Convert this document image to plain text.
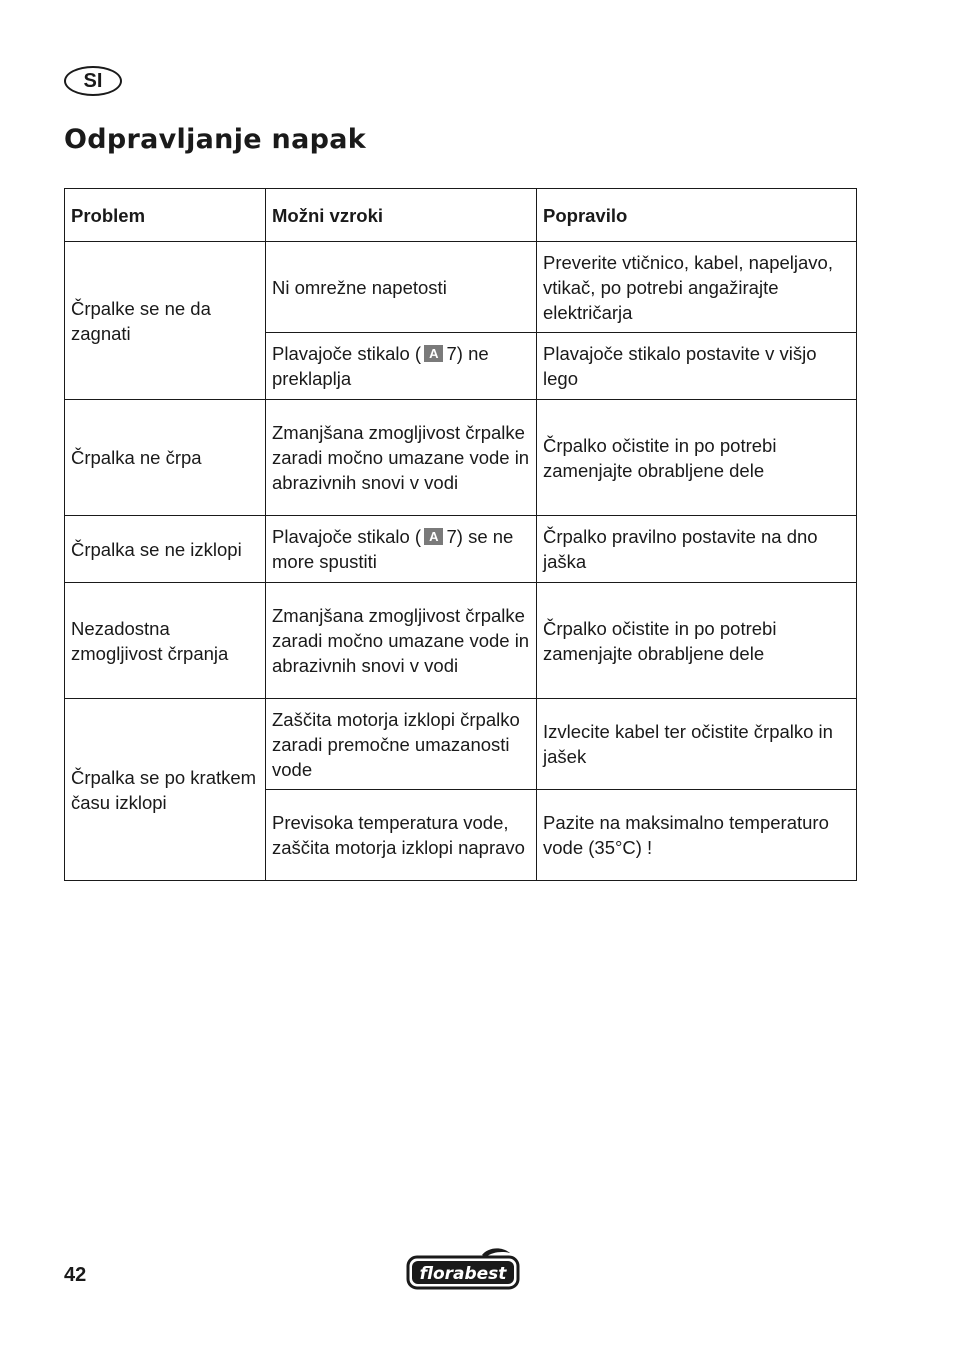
SI
Odpravljanje napak
Problem	Možni vzroki	Popravilo
Črpalke se ne da zagnati	Ni omrežne napetosti	Preverite vtičnico, kabel, napeljavo, vtikač, po potrebi angažirajte električarja
	Plavajoče stikalo ( A 7) ne preklaplja	Plavajoče stikalo postavite v višjo lego
Črpalka ne črpa	Zmanjšana zmogljivost črpalke zaradi močno umazane vode in abrazivnih snovi v vodi	Črpalko očistite in po potrebi zamenjajte obrabljene dele
Črpalka se ne izklopi	Plavajoče stikalo ( A 7) se ne more spustiti	Črpalko pravilno postavite na dno jaška
Nezadostna zmogljivost črpanja	Zmanjšana zmogljivost črpalke zaradi močno umazane vode in abrazivnih snovi v vodi	Črpalko očistite in po potrebi zamenjajte obrabljene dele
Črpalka se po kratkem času izklopi	Zaščita motorja izklopi črpalko zaradi premočne umazanosti vode	Izvlecite kabel ter očistite črpalko in jašek
	Previsoka temperatura vode, zaščita motorja izklopi napravo	Pazite na maksimalno temperaturo vode (35°C) !
42	florabest
